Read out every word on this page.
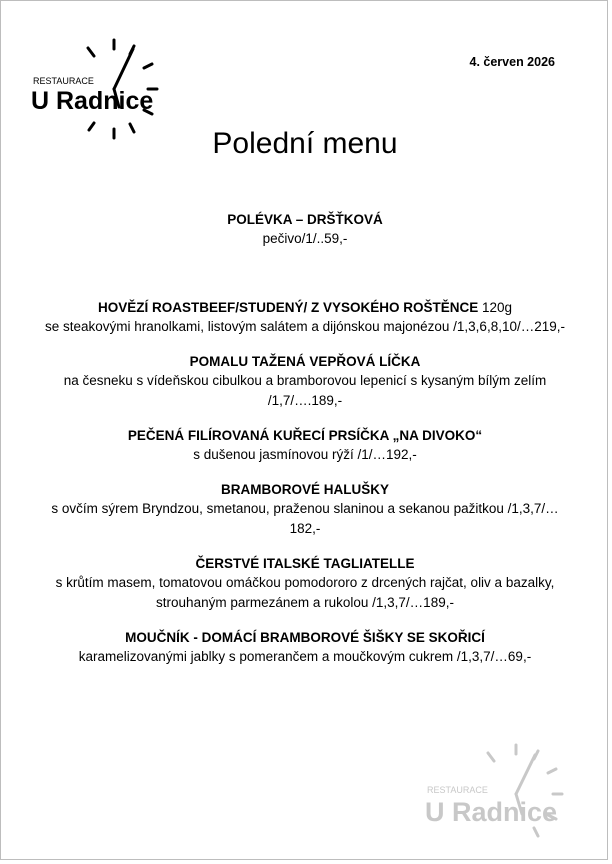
RESTAURACE
U Radnice
4. červen 2026
Polední menu
POLÉVKA – DRŠŤKOVÁ
pečivo/1/..59,-
HOVĚZÍ ROASTBEEF/STUDENÝ/ Z VYSOKÉHO ROŠTĚNCE 120g
se steakovými hranolkami, listovým salátem a dijónskou majonézou /1,3,6,8,10/…219,-
POMALU TAŽENÁ VEPŘOVÁ LÍČKA
na česneku s vídeňskou cibulkou a bramborovou lepenicí s kysaným bílým zelím /1,7/….189,-
PEČENÁ FILÍROVANÁ KUŘECÍ PRSÍČKA „NA DIVOKO“
s dušenou jasmínovou rýží /1/…192,-
BRAMBOROVÉ HALUŠKY
s ovčím sýrem Bryndzou, smetanou, praženou slaninou a sekanou pažitkou /1,3,7/…182,-
ČERSTVÉ ITALSKÉ TAGLIATELLE
s krůtím masem, tomatovou omáčkou pomodororo z drcených rajčat, oliv a bazalky, strouhaným parmezánem a rukolou /1,3,7/…189,-
MOUČNÍK - DOMÁCÍ BRAMBOROVÉ ŠIŠKY SE SKOŘICÍ
karamelizovanými jablky s pomerančem a moučkovým cukrem /1,3,7/…69,-
RESTAURACE
U Radnice
